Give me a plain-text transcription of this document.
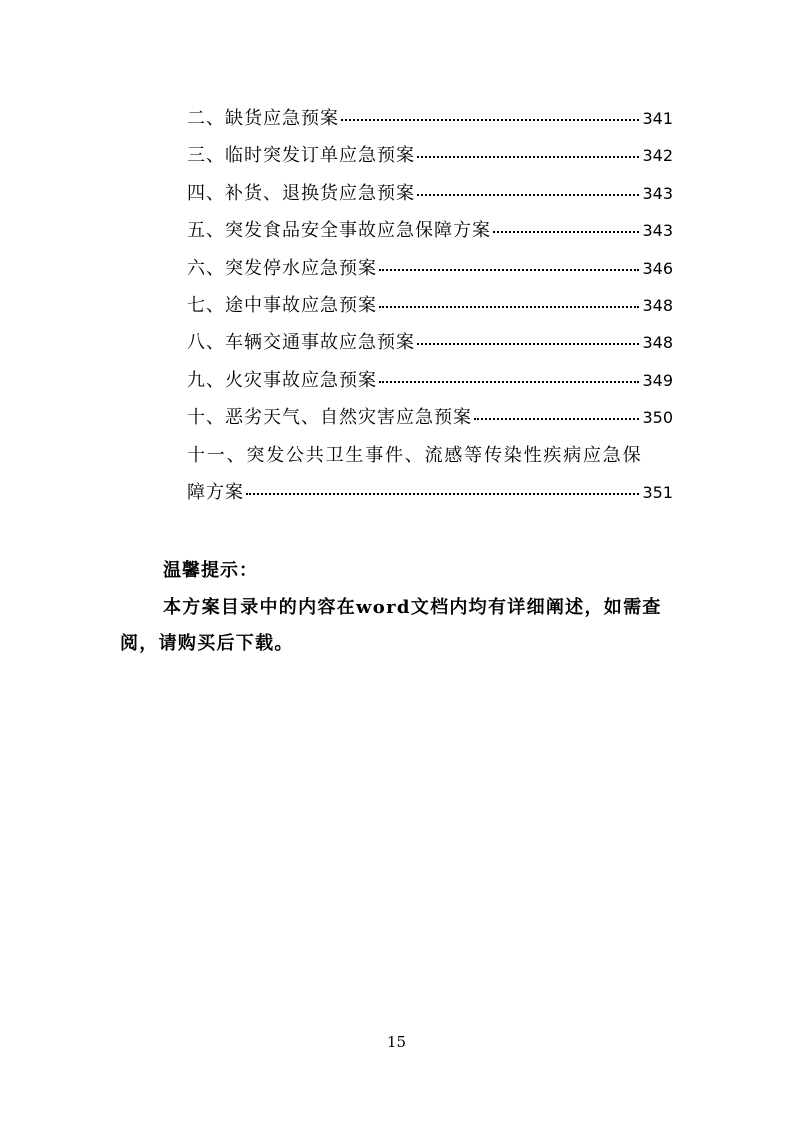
二、缺货应急预案	341
三、临时突发订单应急预案	342
四、补货、退换货应急预案	343
五、突发食品安全事故应急保障方案	343
六、突发停水应急预案	346
七、途中事故应急预案	348
八、车辆交通事故应急预案	348
九、火灾事故应急预案	349
十、恶劣天气、自然灾害应急预案	350
十一、突发公共卫生事件、流感等传染性疾病应急保
障方案	351
温馨提示：
本方案目录中的内容在word文档内均有详细阐述，如需查阅，请购买后下载。
15
